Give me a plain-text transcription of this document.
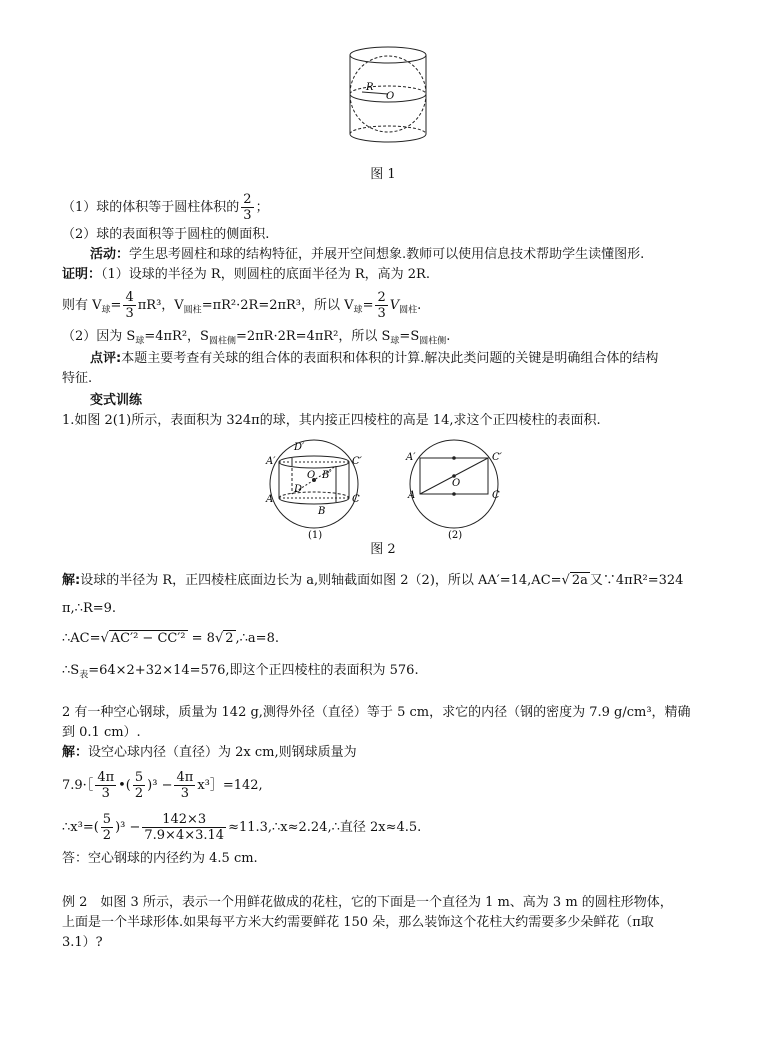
R
O
图 1
（1）球的体积等于圆柱体积的 $\frac{2}{3}$ ；
（2）球的表面积等于圆柱的侧面积.
活动：学生思考圆柱和球的结构特征，并展开空间想象.教师可以使用信息技术帮助学生读懂图形.
证明：（1）设球的半径为 R，则圆柱的底面半径为 R，高为 2R.
则有 $V_球= \frac{4}{3} \pi R^3$，$V_{圆柱}=\pi R^2\cdot 2R=2\pi R^3$，所以 $V_球= \frac{2}{3} V_{圆柱}$.
（2）因为 $S_球=4\pi R^2$，$S_{圆柱侧}=2\pi R\cdot 2R=4\pi R^2$，所以 $S_球=S_{圆柱侧}$.
点评:本题主要考查有关球的组合体的表面积和体积的计算.解决此类问题的关键是明确组合体的结构
特征.
变式训练
1.如图 2(1)所示，表面积为 324π的球，其内接正四棱柱的高是 14,求这个正四棱柱的表面积.
D′
A′	C′
O B′
D
A	C
B
(1)
A′	C′
O
A	C
(2)
图 2
解:设球的半径为 R，正四棱柱底面边长为 a,则轴截面如图 2（2)，所以 AA′=14,AC=√ 2a 又∵4πR²=324
π,∴R=9.
∴AC=√ AC′² − CC′² = 8√ 2 ,∴a=8.
$\therefore S_表=64\times 2+32\times 14=576$,即这个正四棱柱的表面积为 576.
2 有一种空心钢球，质量为 142 g,测得外径（直径）等于 5 cm，求它的内径（钢的密度为 7.9 g/cm³，精确
到 0.1 cm）.
解：设空心球内径（直径）为 2x cm,则钢球质量为
7.9·［ $\frac{4\pi}{3}$ •( $\frac{5}{2} )^3 - \frac{4\pi}{3}$ x³］=142,
∴x³=( $\frac{5}{2} )^3 - \frac{142\times 3}{7.9\times 4\times 3.14}$ ≈11.3,∴x≈2.24,∴直径 2x≈4.5.
答：空心钢球的内径约为 4.5 cm.
例 2　如图 3 所示，表示一个用鲜花做成的花柱，它的下面是一个直径为 1 m、高为 3 m 的圆柱形物体，
上面是一个半球形体.如果每平方米大约需要鲜花 150 朵，那么装饰这个花柱大约需要多少朵鲜花（π取
3.1）?
